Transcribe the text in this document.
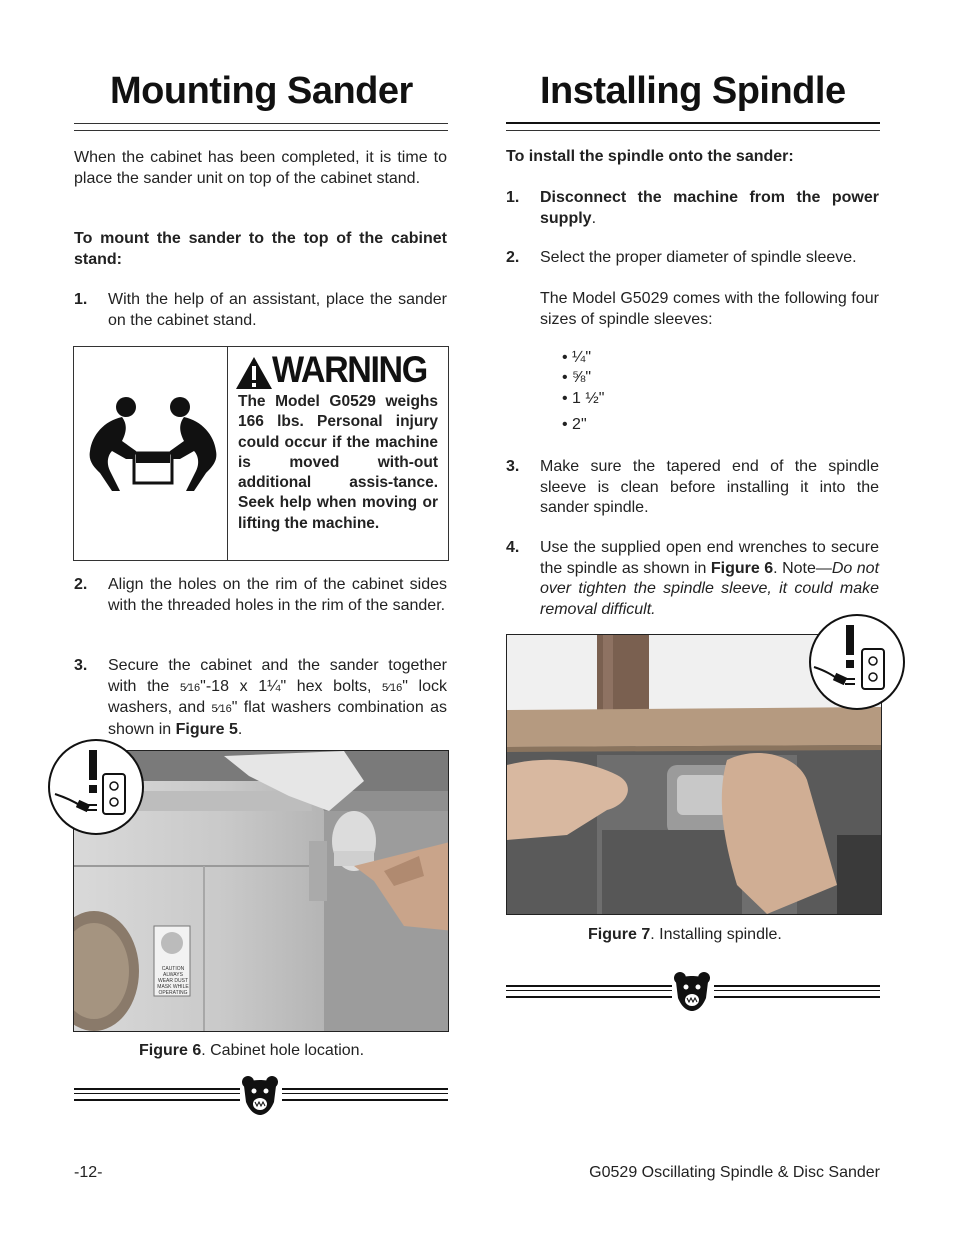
Mounting Sander
When the cabinet has been completed, it is time to place the sander unit on top of the cabinet stand.
To mount the sander to the top of the cabinet stand:
1. With the help of an assistant, place the sander on the cabinet stand.
WARNING
The Model G0529 weighs 166 lbs. Personal injury could occur if the machine is moved with-out additional assis-tance. Seek help when moving or lifting the machine.
2. Align the holes on the rim of the cabinet sides with the threaded holes in the rim of the sander.
3. Secure the cabinet and the sander together with the 5⁄16"-18 x 1¼" hex bolts, 5⁄16" lock washers, and 5⁄16" flat washers combination as shown in Figure 5.
CAUTION ALWAYS WEAR DUST MASK WHILE OPERATING
Figure 6. Cabinet hole location.
Installing Spindle
To install the spindle onto the sander:
1. Disconnect the machine from the power supply.
2. Select the proper diameter of spindle sleeve.
The Model G5029 comes with the following four sizes of spindle sleeves:
• ¼"
• ⅝"
• 1 ½"
• 2"
3. Make sure the tapered end of the spindle sleeve is clean before installing it into the sander spindle.
4. Use the supplied open end wrenches to secure the spindle as shown in Figure 6. Note—Do not over tighten the spindle sleeve, it could make removal difficult.
Figure 7. Installing spindle.
-12-	G0529 Oscillating Spindle & Disc Sander
